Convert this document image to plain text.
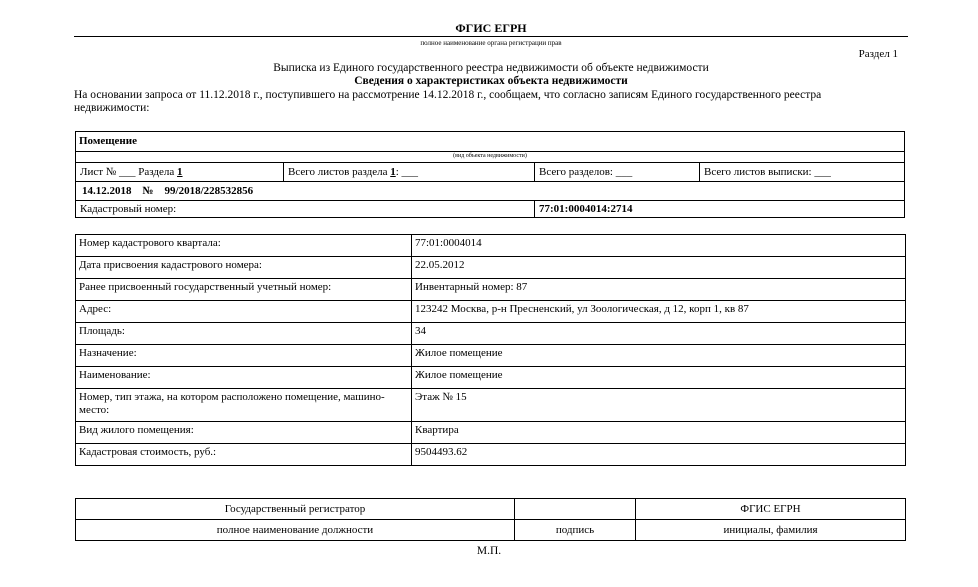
ФГИС ЕГРН
полное наименование органа регистрации прав
Раздел 1
Выписка из Единого государственного реестра недвижимости об объекте недвижимости
Сведения о характеристиках объекта недвижимости
На основании запроса от 11.12.2018 г., поступившего на рассмотрение 14.12.2018 г., сообщаем, что согласно записям Единого государственного реестра недвижимости:
Помещение
(вид объекта недвижимости)
Лист № ___ Раздела 1	Всего листов раздела 1: ___	Всего разделов: ___	Всего листов выписки: ___
14.12.2018    №    99/2018/228532856
Кадастровый номер:	77:01:0004014:2714
Номер кадастрового квартала:	77:01:0004014
Дата присвоения кадастрового номера:	22.05.2012
Ранее присвоенный государственный учетный номер:	Инвентарный номер: 87
Адрес:	123242 Москва, р-н Пресненский, ул Зоологическая, д 12, корп 1, кв 87
Площадь:	34
Назначение:	Жилое помещение
Наименование:	Жилое помещение
Номер, тип этажа, на котором расположено помещение, машино-место:	Этаж № 15
Вид жилого помещения:	Квартира
Кадастровая стоимость, руб.:	9504493.62
Государственный регистратор		ФГИС ЕГРН
полное наименование должности	подпись	инициалы, фамилия
М.П.
